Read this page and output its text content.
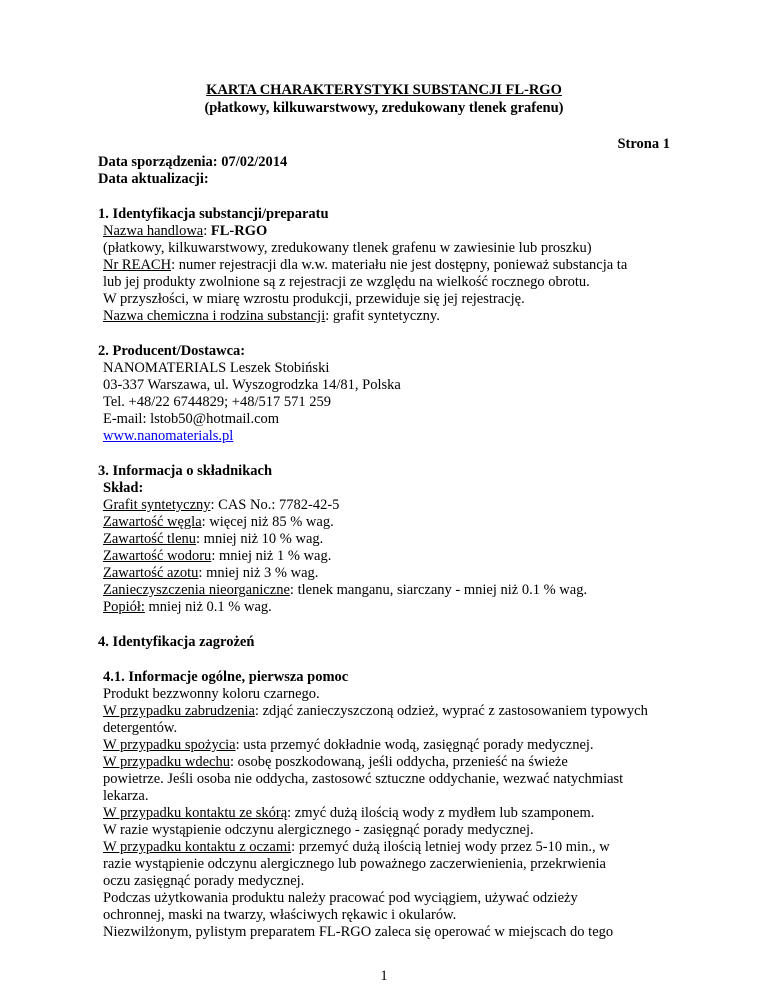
KARTA CHARAKTERYSTYKI SUBSTANCJI FL-RGO
(płatkowy, kilkuwarstwowy, zredukowany tlenek grafenu)
Strona 1
Data sporządzenia: 07/02/2014
Data aktualizacji:
1. Identyfikacja substancji/preparatu
Nazwa handlowa: FL-RGO
(płatkowy, kilkuwarstwowy, zredukowany tlenek grafenu w zawiesinie lub proszku)
Nr REACH: numer rejestracji dla w.w. materiału nie jest dostępny, ponieważ substancja ta
lub jej produkty zwolnione są z rejestracji ze względu na wielkość rocznego obrotu.
W przyszłości, w miarę wzrostu produkcji, przewiduje się jej rejestrację.
Nazwa chemiczna i rodzina substancji: grafit syntetyczny.
2. Producent/Dostawca:
NANOMATERIALS Leszek Stobiński
03-337 Warszawa, ul. Wyszogrodzka 14/81, Polska
Tel. +48/22 6744829; +48/517 571 259
E-mail: lstob50@hotmail.com
www.nanomaterials.pl
3. Informacja o składnikach
Skład:
Grafit syntetyczny: CAS No.: 7782-42-5
Zawartość węgla: więcej niż 85 % wag.
Zawartość tlenu: mniej niż 10 % wag.
Zawartość wodoru: mniej niż 1 % wag.
Zawartość azotu: mniej niż 3 % wag.
Zanieczyszczenia nieorganiczne: tlenek manganu, siarczany - mniej niż 0.1 % wag.
Popiół: mniej niż 0.1 % wag.
4. Identyfikacja zagrożeń
4.1. Informacje ogólne, pierwsza pomoc
Produkt bezzwonny koloru czarnego.
W przypadku zabrudzenia: zdjąć zanieczyszczoną odzież, wyprać z zastosowaniem typowych
detergentów.
W przypadku spożycia: usta przemyć dokładnie wodą, zasięgnąć porady medycznej.
W przypadku wdechu: osobę poszkodowaną, jeśli oddycha, przenieść na świeże
powietrze. Jeśli osoba nie oddycha, zastosowć sztuczne oddychanie, wezwać natychmiast
lekarza.
W przypadku kontaktu ze skórą: zmyć dużą ilością wody z mydłem lub szamponem.
W razie wystąpienie odczynu alergicznego - zasięgnąć porady medycznej.
W przypadku kontaktu z oczami: przemyć dużą ilością letniej wody przez 5-10 min., w
razie wystąpienie odczynu alergicznego lub poważnego zaczerwienienia, przekrwienia
oczu zasięgnąć porady medycznej.
Podczas użytkowania produktu należy pracować pod wyciągiem, używać odzieży
ochronnej, maski na twarzy, właściwych rękawic i okularów.
Niezwilżonym, pylistym preparatem FL-RGO zaleca się operować w miejscach do tego
1
